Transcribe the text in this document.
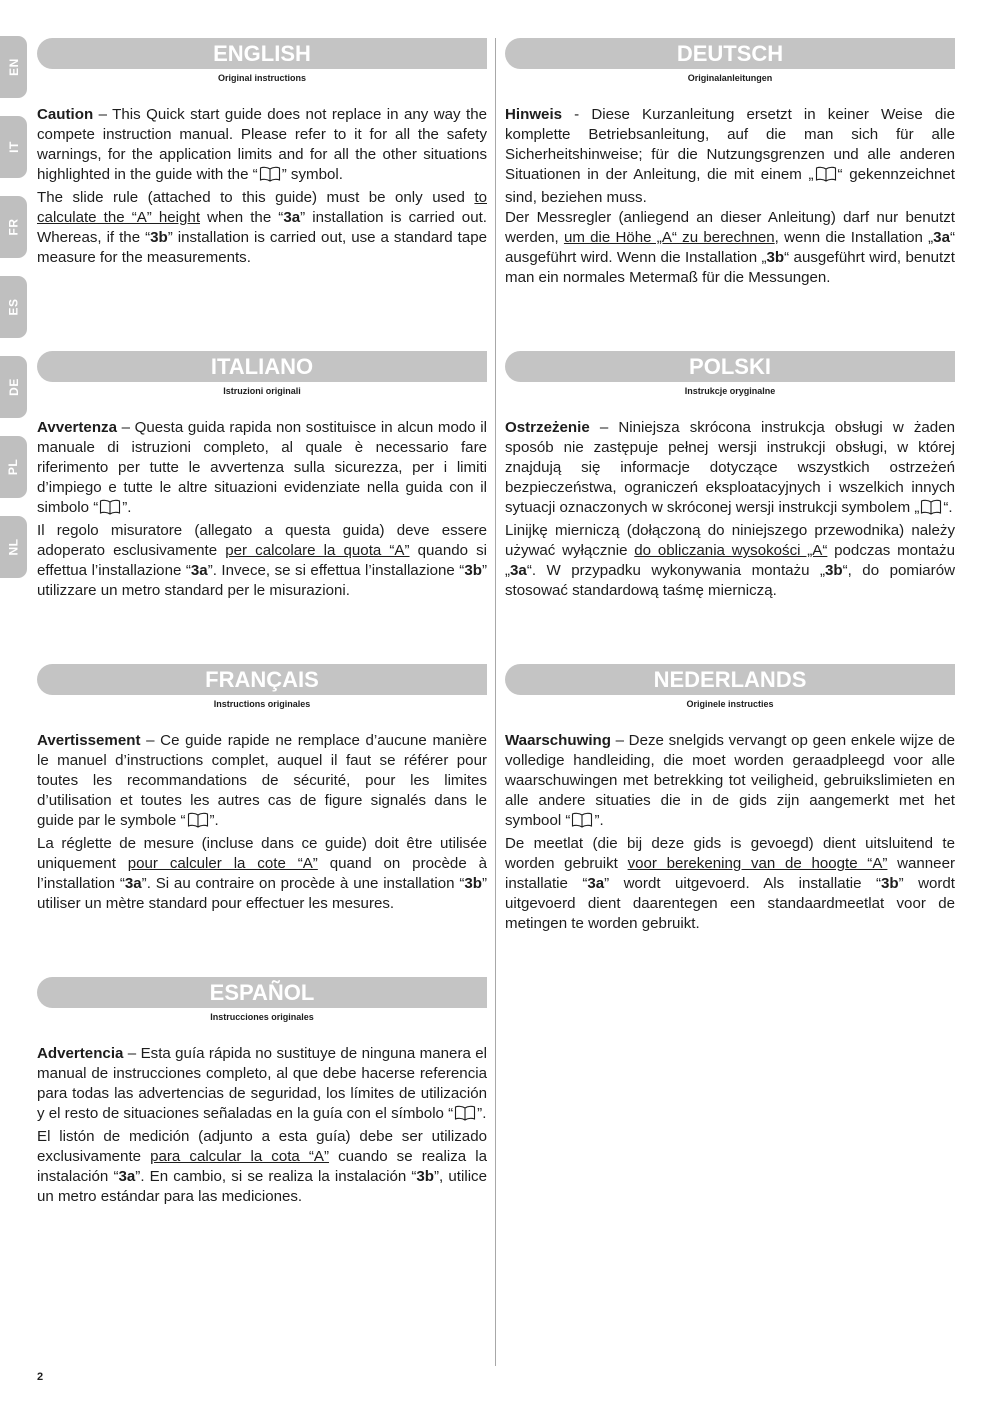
EN
IT
FR
ES
DE
PL
NL
ENGLISH
Original instructions

Caution – This Quick start guide does not replace in any way the compete instruction manual. Please refer to it for all the safety warnings, for the application limits and for all the other situations highlighted in the guide with the “ ” symbol.

The slide rule (attached to this guide) must be only used to calculate the “A” height when the “3a” installation is carried out. Whereas, if the “3b” installation is carried out, use a standard tape measure for the measurements.

DEUTSCH
Originalanleitungen

Hinweis - Diese Kurzanleitung ersetzt in keiner Weise die komplette Betriebsanleitung, auf die man sich für alle Sicherheitshinweise; für die Nutzungsgrenzen und alle anderen Situationen in der Anleitung, die mit einem „ “ gekennzeichnet sind, beziehen muss.

Der Messregler (anliegend an dieser Anleitung) darf nur benutzt werden, um die Höhe „A“ zu berechnen, wenn die Installation „3a“ ausgeführt wird. Wenn die Installation „3b“ ausgeführt wird, benutzt man ein normales Metermaß für die Messungen.

ITALIANO
Istruzioni originali

Avvertenza – Questa guida rapida non sostituisce in alcun modo il manuale di istruzioni completo, al quale è necessario fare riferimento per tutte le avvertenza sulla sicurezza, per i limiti d’impiego e tutte le altre situazioni evidenziate nella guida con il simbolo “ ”.

Il regolo misuratore (allegato a questa guida) deve essere adoperato esclusivamente per calcolare la quota “A” quando si effettua l’installazione “3a”. Invece, se si effettua l’installazione “3b” utilizzare un metro standard per le misurazioni.

POLSKI
Instrukcje oryginalne

Ostrzeżenie – Niniejsza skrócona instrukcja obsługi w żaden sposób nie zastępuje pełnej wersji instrukcji obsługi, w której znajdują się informacje dotyczące wszystkich ostrzeżeń bezpieczeństwa, ograniczeń eksploatacyjnych i wszelkich innych sytuacji oznaczonych w skróconej wersji instrukcji symbolem „ “.

Linijkę mierniczą (dołączoną do niniejszego przewodnika) należy używać wyłącznie do obliczania wysokości „A“ podczas montażu „3a“. W przypadku wykonywania montażu „3b“, do pomiarów stosować standardową taśmę mierniczą.

FRANÇAIS
Instructions originales

Avertissement – Ce guide rapide ne remplace d’aucune manière le manuel d’instructions complet, auquel il faut se référer pour toutes les recommandations de sécurité, pour les limites d’utilisation et toutes les autres cas de figure signalés dans le guide par le symbole “ ”.

La réglette de mesure (incluse dans ce guide) doit être utilisée uniquement pour calculer la cote “A” quand on procède à l’installation “3a”. Si au contraire on procède à une installation “3b” utiliser un mètre standard pour effectuer les mesures.

NEDERLANDS
Originele instructies

Waarschuwing – Deze snelgids vervangt op geen enkele wijze de volledige handleiding, die moet worden geraadpleegd voor alle waarschuwingen met betrekking tot veiligheid, gebruikslimieten en alle andere situaties die in de gids zijn aangemerkt met het symbool “ ”.

De meetlat (die bij deze gids is gevoegd) dient uitsluitend te worden gebruikt voor berekening van de hoogte “A” wanneer installatie “3a” wordt uitgevoerd. Als installatie “3b” wordt uitgevoerd dient daarentegen een standaardmeetlat voor de metingen te worden gebruikt.

ESPAÑOL
Instrucciones originales

Advertencia – Esta guía rápida no sustituye de ninguna manera el manual de instrucciones completo, al que debe hacerse referencia para todas las advertencias de seguridad, los límites de utilización y el resto de situaciones señaladas en la guía con el símbolo “ ”.

El listón de medición (adjunto a esta guía) debe ser utilizado exclusivamente para calcular la cota “A” cuando se realiza la instalación “3a”. En cambio, si se realiza la instalación “3b”, utilice un metro estándar para las mediciones.

2
